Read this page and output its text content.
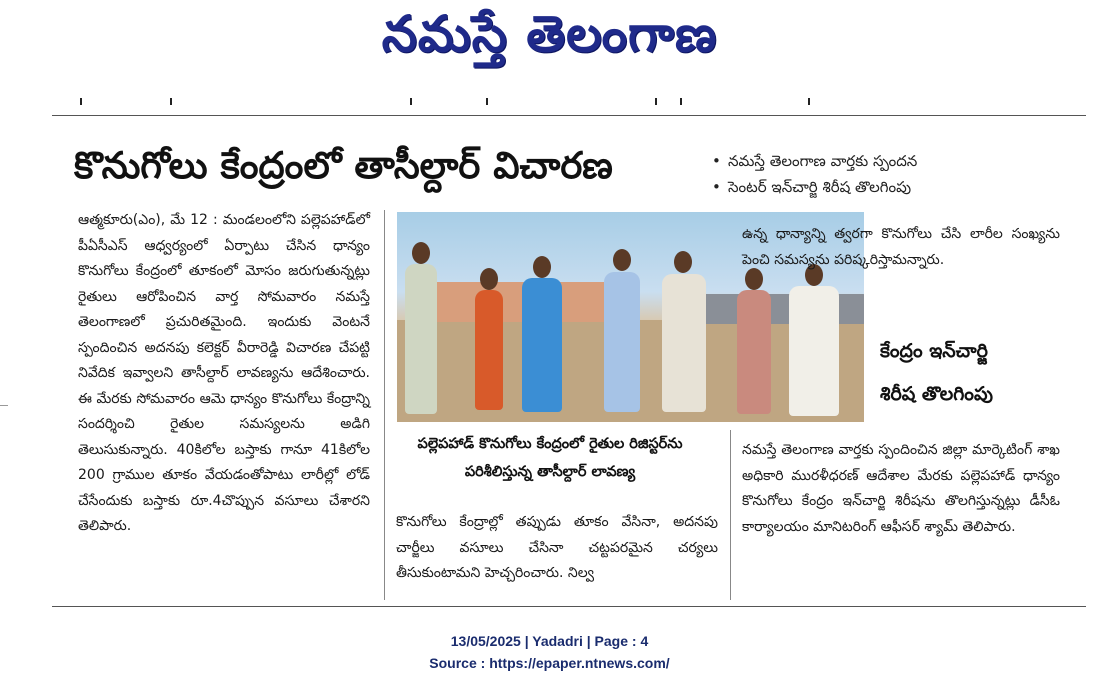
నమస్తే తెలంగాణ
కొనుగోలు కేంద్రంలో తాసీల్దార్ విచారణ	• నమస్తే తెలంగాణ వార్తకు స్పందన
• సెంటర్ ఇన్‌చార్జి శిరీష తొలగింపు

ఆత్మకూరు(ఎం), మే 12 : మండలంలోని పల్లెపహాడ్‌లో పీఏసీఎస్ ఆధ్వర్యంలో ఏర్పాటు చేసిన ధాన్యం కొనుగోలు కేంద్రంలో తూకంలో మోసం జరుగుతున్నట్లు రైతులు ఆరోపించిన వార్త సోమవారం నమస్తే తెలంగాణలో ప్రచురితమైంది. ఇందుకు వెంటనే స్పందించిన అదనపు కలెక్టర్ వీరారెడ్డి విచారణ చేపట్టి నివేదిక ఇవ్వాలని తాసీల్దార్ లావణ్యను ఆదేశించారు. ఈ మేరకు సోమవారం ఆమె ధాన్యం కొనుగోలు కేంద్రాన్ని సందర్శించి రైతుల సమస్యలను అడిగి తెలుసుకున్నారు. 40కిలోల బస్తాకు గానూ 41కిలోల 200 గ్రాముల తూకం వేయడంతోపాటు లారీల్లో లోడ్ చేసేందుకు బస్తాకు రూ.4చొప్పున వసూలు చేశారని తెలిపారు.

పల్లెపహాడ్ కొనుగోలు కేంద్రంలో రైతుల రిజిస్టర్‌ను పరిశీలిస్తున్న తాసీల్దార్ లావణ్య

కొనుగోలు కేంద్రాల్లో తప్పుడు తూకం వేసినా, అదనపు చార్జీలు వసూలు చేసినా చట్టపరమైన చర్యలు తీసుకుంటామని హెచ్చరించారు. నిల్వ

ఉన్న ధాన్యాన్ని త్వరగా కొనుగోలు చేసి లారీల సంఖ్యను పెంచి సమస్యను పరిష్కరిస్తామన్నారు.

కేంద్రం ఇన్‌చార్జి
శిరీష తొలగింపు

నమస్తే తెలంగాణ వార్తకు స్పందించిన జిల్లా మార్కెటింగ్ శాఖ అధికారి మురళీధరణ్ ఆదేశాల మేరకు పల్లెపహాడ్ ధాన్యం కొనుగోలు కేంద్రం ఇన్‌చార్జి శిరీషను తొలగిస్తున్నట్లు డీసీఓ కార్యాలయం మానిటరింగ్ ఆఫీసర్ శ్యామ్ తెలిపారు.

13/05/2025 | Yadadri | Page : 4
Source : https://epaper.ntnews.com/
